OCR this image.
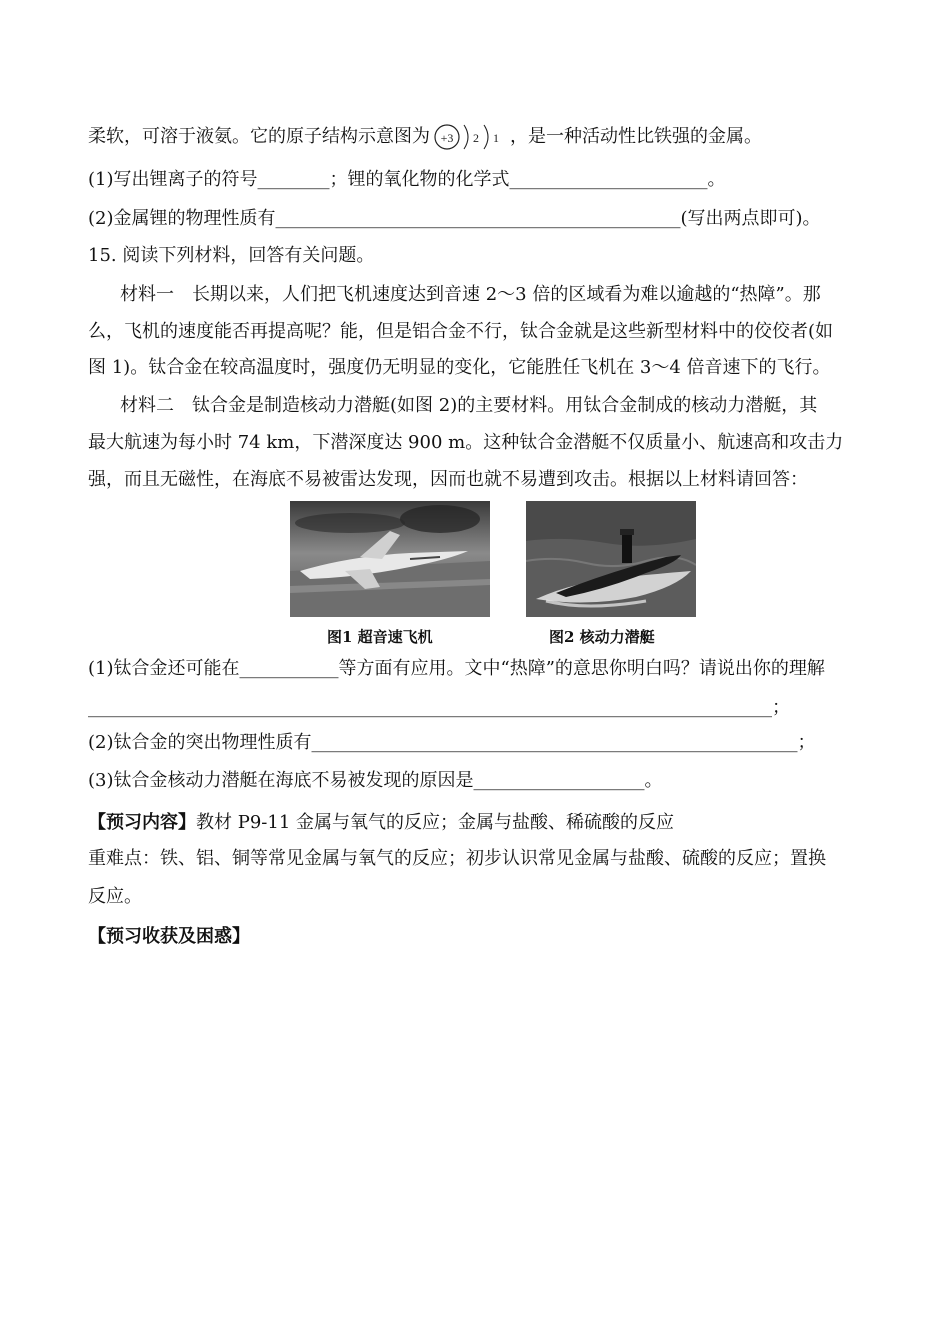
柔软，可溶于液氨。它的原子结构示意图为 +3 2 1 ，是一种活动性比铁强的金属。
(1)写出锂离子的符号________；锂的氧化物的化学式______________________。
(2)金属锂的物理性质有_____________________________________________(写出两点即可)。
15. 阅读下列材料，回答有关问题。
材料一　长期以来，人们把飞机速度达到音速 2～3 倍的区域看为难以逾越的“热障”。那
么，飞机的速度能否再提高呢？能，但是铝合金不行，钛合金就是这些新型材料中的佼佼者(如
图 1)。钛合金在较高温度时，强度仍无明显的变化，它能胜任飞机在 3～4 倍音速下的飞行。
材料二　钛合金是制造核动力潜艇(如图 2)的主要材料。用钛合金制成的核动力潜艇，其
最大航速为每小时 74 km，下潜深度达 900 m。这种钛合金潜艇不仅质量小、航速高和攻击力
强，而且无磁性，在海底不易被雷达发现，因而也就不易遭到攻击。根据以上材料请回答：
图1 超音速飞机	图2 核动力潜艇
(1)钛合金还可能在___________等方面有应用。文中“热障”的意思你明白吗？请说出你的理解
____________________________________________________________________________；
(2)钛合金的突出物理性质有______________________________________________________；
(3)钛合金核动力潜艇在海底不易被发现的原因是___________________。
【预习内容】教材 P9-11 金属与氧气的反应；金属与盐酸、稀硫酸的反应
重难点：铁、铝、铜等常见金属与氧气的反应；初步认识常见金属与盐酸、硫酸的反应；置换
反应。
【预习收获及困惑】
